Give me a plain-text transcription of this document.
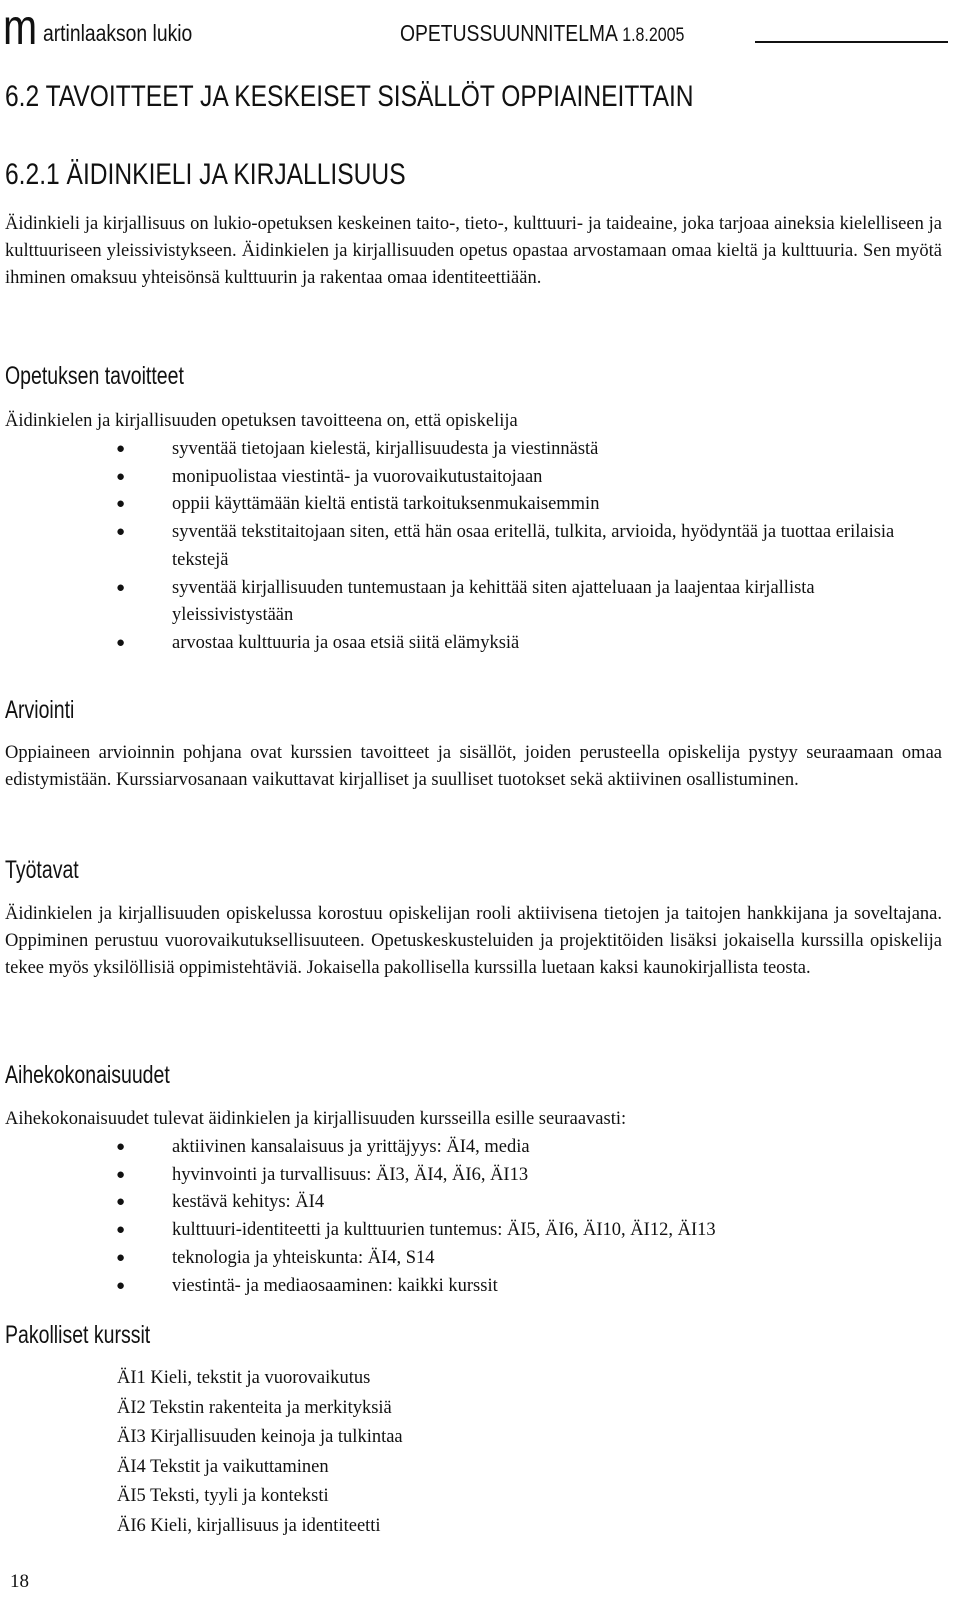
m artinlaakson lukio	OPETUSSUUNNITELMA 1.8.2005
6.2 TAVOITTEET JA KESKEISET SISÄLLÖT OPPIAINEITTAIN
6.2.1 ÄIDINKIELI JA KIRJALLISUUS
Äidinkieli ja kirjallisuus on lukio-opetuksen keskeinen taito-, tieto-, kulttuuri- ja taideaine, joka tarjoaa aineksia kielelliseen ja kulttuuriseen yleissivistykseen. Äidinkielen ja kirjallisuuden opetus opastaa arvostamaan omaa kieltä ja kulttuuria. Sen myötä ihminen omaksuu yhteisönsä kulttuurin ja rakentaa omaa identiteettiään.
Opetuksen tavoitteet
Äidinkielen ja kirjallisuuden opetuksen tavoitteena on, että opiskelija
●	syventää tietojaan kielestä, kirjallisuudesta ja viestinnästä
●	monipuolistaa viestintä- ja vuorovaikutustaitojaan
●	oppii käyttämään kieltä entistä tarkoituksenmukaisemmin
●	syventää tekstitaitojaan siten, että hän osaa eritellä, tulkita, arvioida, hyödyntää ja tuottaa erilaisia tekstejä
●	syventää kirjallisuuden tuntemustaan ja kehittää siten ajatteluaan ja laajentaa kirjallista yleissivistystään
●	arvostaa kulttuuria ja osaa etsiä siitä elämyksiä
Arviointi
Oppiaineen arvioinnin pohjana ovat kurssien tavoitteet ja sisällöt, joiden perusteella opiskelija pystyy seuraamaan omaa edistymistään. Kurssiarvosanaan vaikuttavat kirjalliset ja suulliset tuotokset sekä aktiivinen osallistuminen.
Työtavat
Äidinkielen ja kirjallisuuden opiskelussa korostuu opiskelijan rooli aktiivisena tietojen ja taitojen hankkijana ja soveltajana. Oppiminen perustuu vuorovaikutuksellisuuteen. Opetuskeskusteluiden ja projektitöiden lisäksi jokaisella kurssilla opiskelija tekee myös yksilöllisiä oppimistehtäviä. Jokaisella pakollisella kurssilla luetaan kaksi kaunokirjallista teosta.
Aihekokonaisuudet
Aihekokonaisuudet tulevat äidinkielen ja kirjallisuuden kursseilla esille seuraavasti:
●	aktiivinen kansalaisuus ja yrittäjyys: ÄI4, media
●	hyvinvointi ja turvallisuus: ÄI3, ÄI4, ÄI6, ÄI13
●	kestävä kehitys: ÄI4
●	kulttuuri-identiteetti ja kulttuurien tuntemus: ÄI5, ÄI6, ÄI10, ÄI12, ÄI13
●	teknologia ja yhteiskunta: ÄI4, S14
●	viestintä- ja mediaosaaminen: kaikki kurssit
Pakolliset kurssit
ÄI1 Kieli, tekstit ja vuorovaikutus
ÄI2 Tekstin rakenteita ja merkityksiä
ÄI3 Kirjallisuuden keinoja ja tulkintaa
ÄI4 Tekstit ja vaikuttaminen
ÄI5 Teksti, tyyli ja konteksti
ÄI6 Kieli, kirjallisuus ja identiteetti
18
